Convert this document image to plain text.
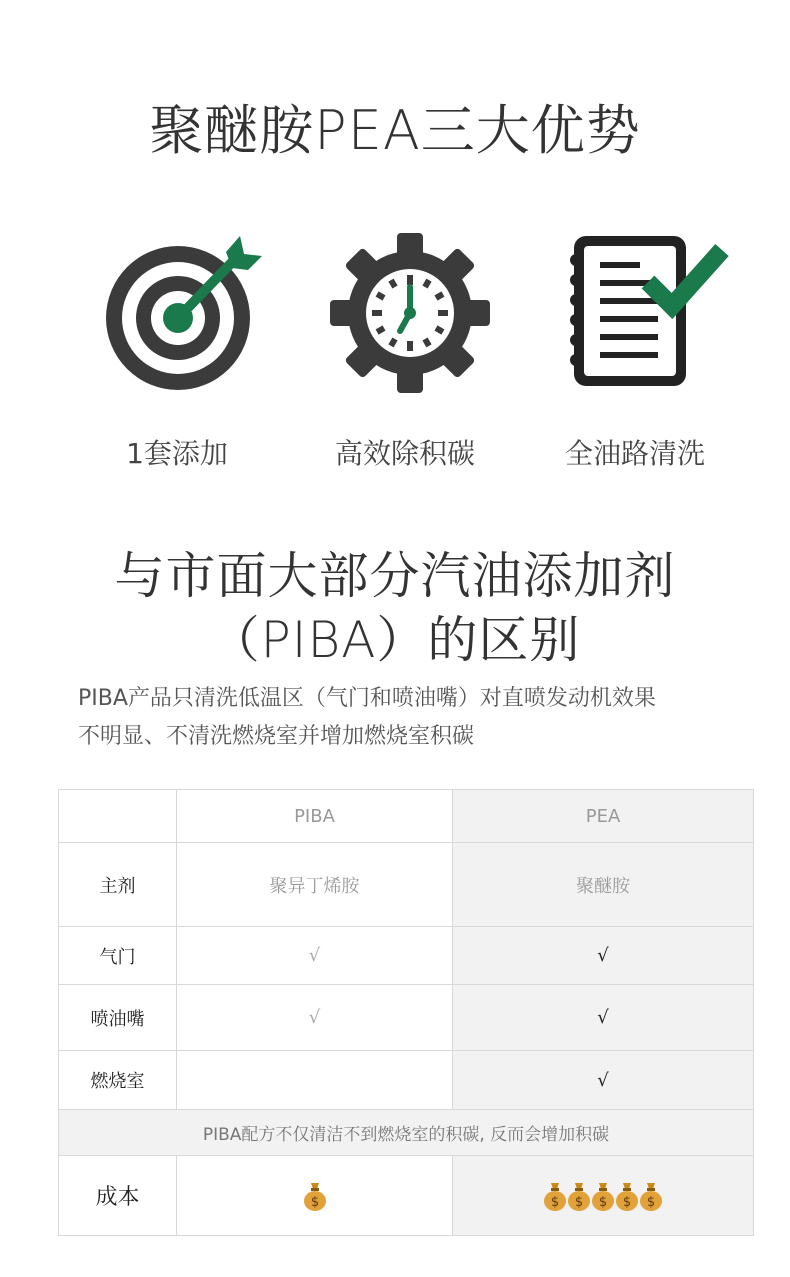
聚醚胺PEA三大优势
1套添加	高效除积碳	全油路清洗
与市面大部分汽油添加剂
（PIBA）的区别
PIBA产品只清洗低温区（气门和喷油嘴）对直喷发动机效果
不明显、不清洗燃烧室并增加燃烧室积碳
	PIBA	PEA
主剂	聚异丁烯胺	聚醚胺
气门	√	√
喷油嘴	√	√
燃烧室		√
PIBA配方不仅清洁不到燃烧室的积碳, 反而会增加积碳		
成本	$	$ $ $ $ $
